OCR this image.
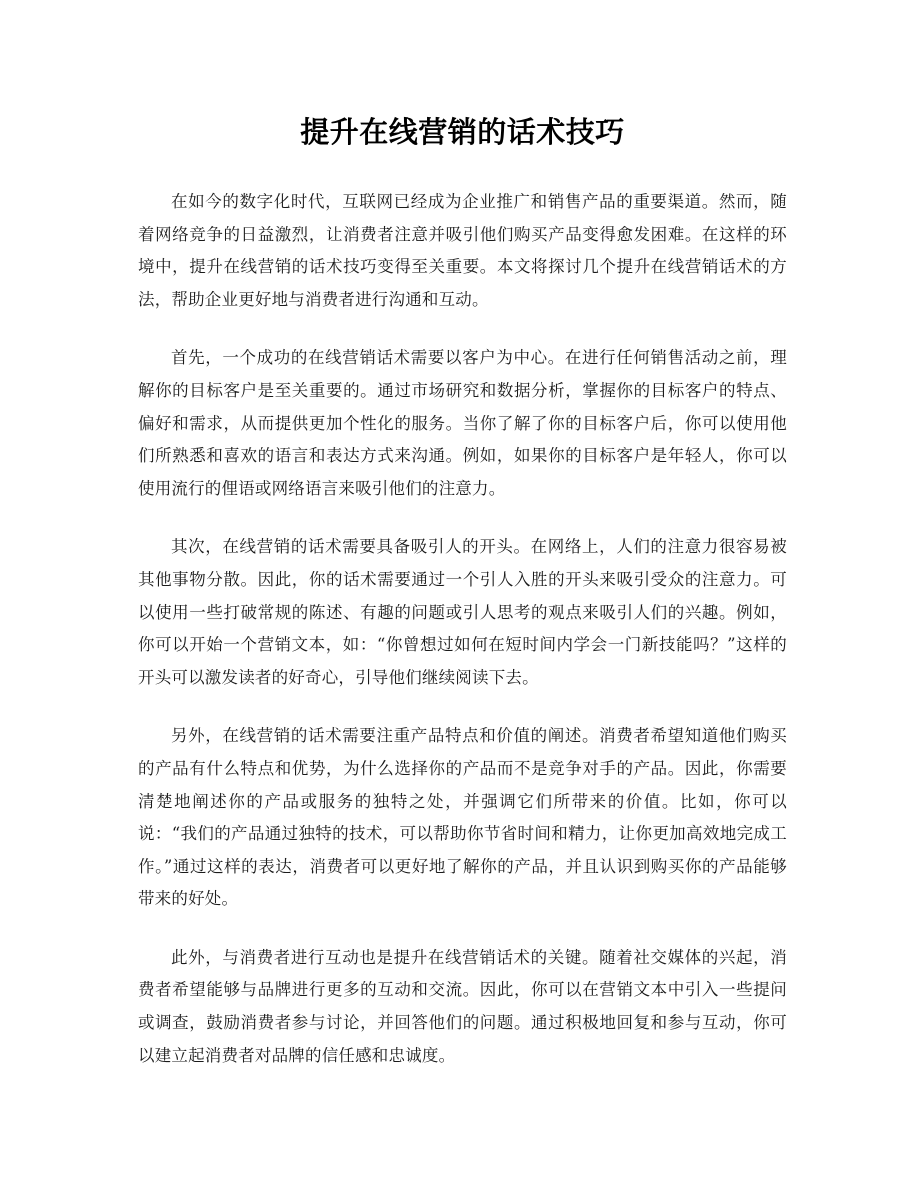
提升在线营销的话术技巧

在如今的数字化时代，互联网已经成为企业推广和销售产品的重要渠道。然而，随着网络竞争的日益激烈，让消费者注意并吸引他们购买产品变得愈发困难。在这样的环境中，提升在线营销的话术技巧变得至关重要。本文将探讨几个提升在线营销话术的方法，帮助企业更好地与消费者进行沟通和互动。

首先，一个成功的在线营销话术需要以客户为中心。在进行任何销售活动之前，理解你的目标客户是至关重要的。通过市场研究和数据分析，掌握你的目标客户的特点、偏好和需求，从而提供更加个性化的服务。当你了解了你的目标客户后，你可以使用他们所熟悉和喜欢的语言和表达方式来沟通。例如，如果你的目标客户是年轻人，你可以使用流行的俚语或网络语言来吸引他们的注意力。

其次，在线营销的话术需要具备吸引人的开头。在网络上，人们的注意力很容易被其他事物分散。因此，你的话术需要通过一个引人入胜的开头来吸引受众的注意力。可以使用一些打破常规的陈述、有趣的问题或引人思考的观点来吸引人们的兴趣。例如，你可以开始一个营销文本，如：“你曾想过如何在短时间内学会一门新技能吗？”这样的开头可以激发读者的好奇心，引导他们继续阅读下去。

另外，在线营销的话术需要注重产品特点和价值的阐述。消费者希望知道他们购买的产品有什么特点和优势，为什么选择你的产品而不是竞争对手的产品。因此，你需要清楚地阐述你的产品或服务的独特之处，并强调它们所带来的价值。比如，你可以说：“我们的产品通过独特的技术，可以帮助你节省时间和精力，让你更加高效地完成工作。”通过这样的表达，消费者可以更好地了解你的产品，并且认识到购买你的产品能够带来的好处。

此外，与消费者进行互动也是提升在线营销话术的关键。随着社交媒体的兴起，消费者希望能够与品牌进行更多的互动和交流。因此，你可以在营销文本中引入一些提问或调查，鼓励消费者参与讨论，并回答他们的问题。通过积极地回复和参与互动，你可以建立起消费者对品牌的信任感和忠诚度。
